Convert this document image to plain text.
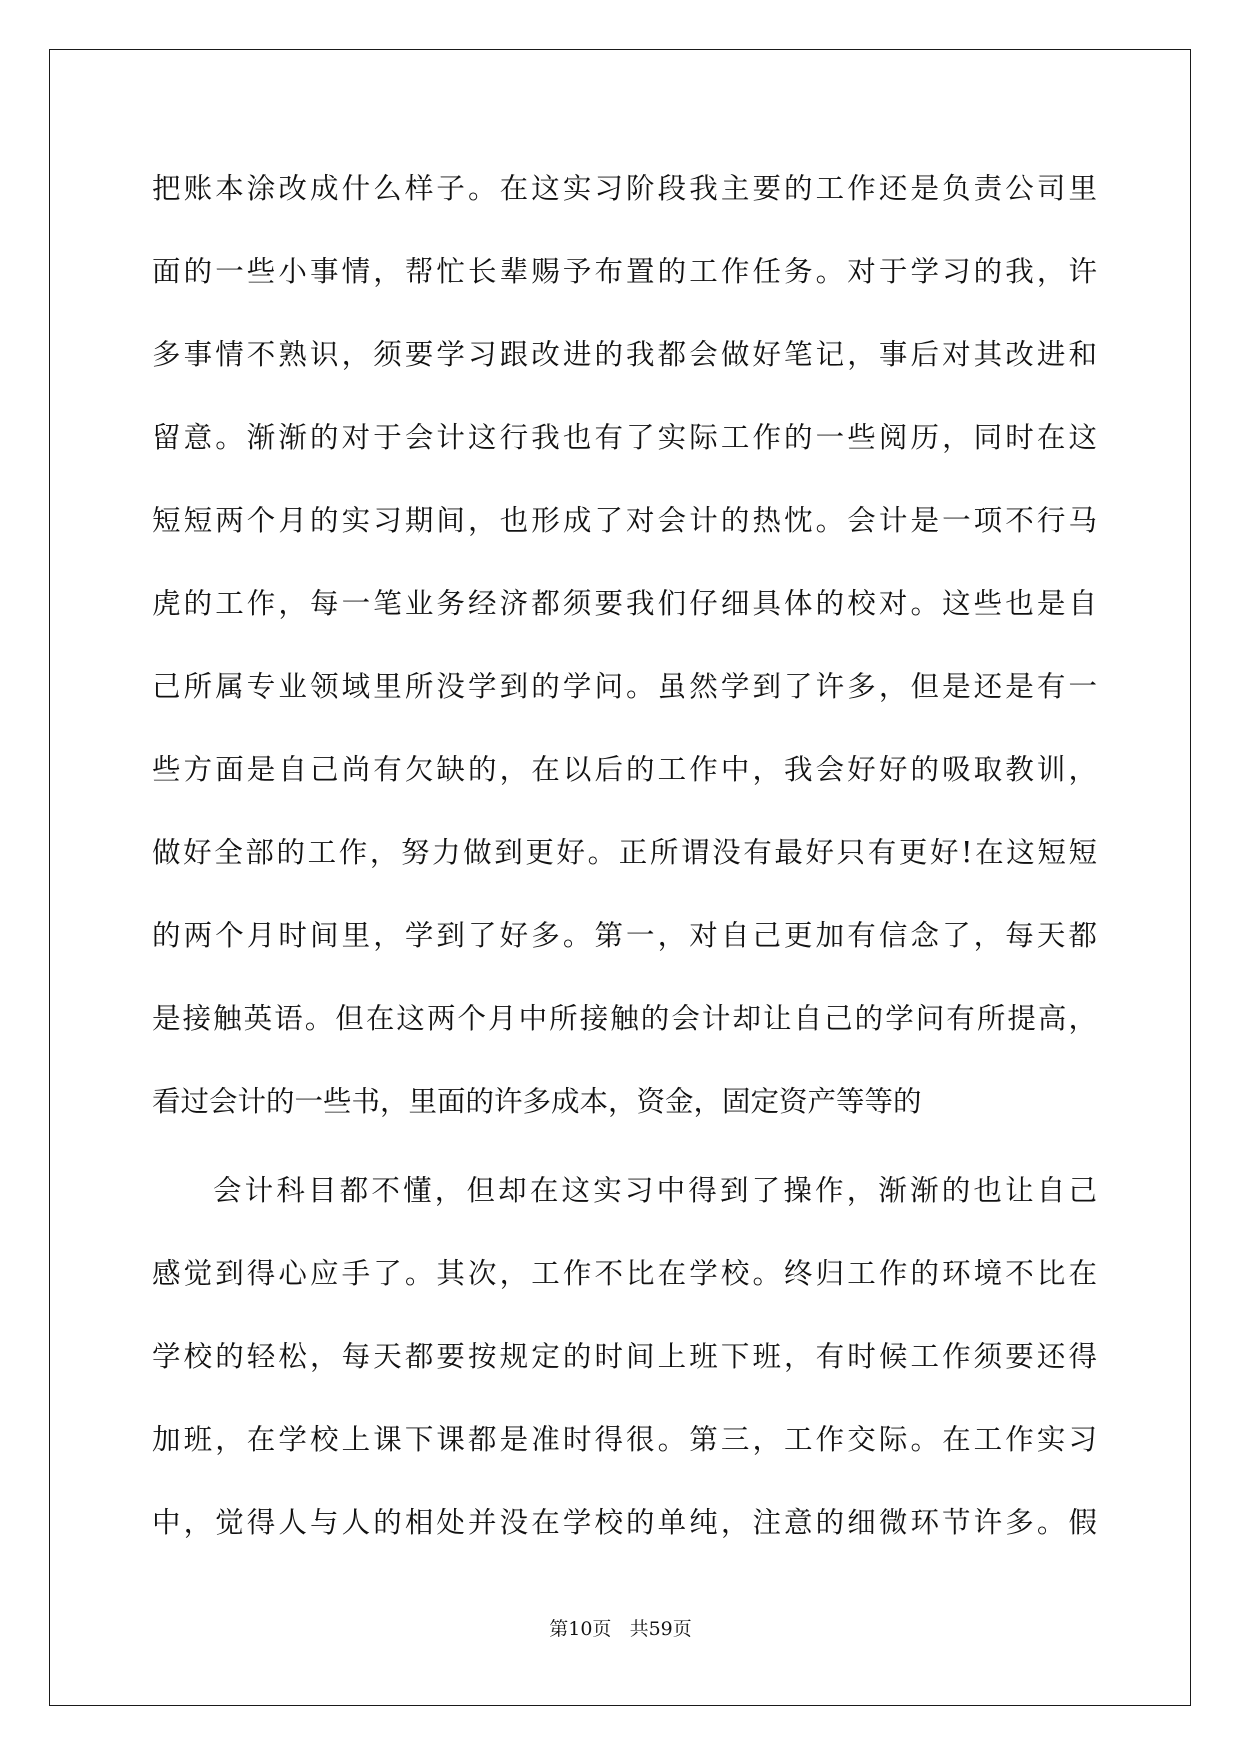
把账本涂改成什么样子。在这实习阶段我主要的工作还是负责公司里
面的一些小事情，帮忙长辈赐予布置的工作任务。对于学习的我，许
多事情不熟识，须要学习跟改进的我都会做好笔记，事后对其改进和
留意。渐渐的对于会计这行我也有了实际工作的一些阅历，同时在这
短短两个月的实习期间，也形成了对会计的热忱。会计是一项不行马
虎的工作，每一笔业务经济都须要我们仔细具体的校对。这些也是自
己所属专业领域里所没学到的学问。虽然学到了许多，但是还是有一
些方面是自己尚有欠缺的，在以后的工作中，我会好好的吸取教训，
做好全部的工作，努力做到更好。正所谓没有最好只有更好!在这短短
的两个月时间里，学到了好多。第一，对自己更加有信念了，每天都
是接触英语。但在这两个月中所接触的会计却让自己的学问有所提高，
看过会计的一些书，里面的许多成本，资金，固定资产等等的
会计科目都不懂，但却在这实习中得到了操作，渐渐的也让自己
感觉到得心应手了。其次，工作不比在学校。终归工作的环境不比在
学校的轻松，每天都要按规定的时间上班下班，有时候工作须要还得
加班，在学校上课下课都是准时得很。第三，工作交际。在工作实习
中，觉得人与人的相处并没在学校的单纯，注意的细微环节许多。假
第10页 共59页
